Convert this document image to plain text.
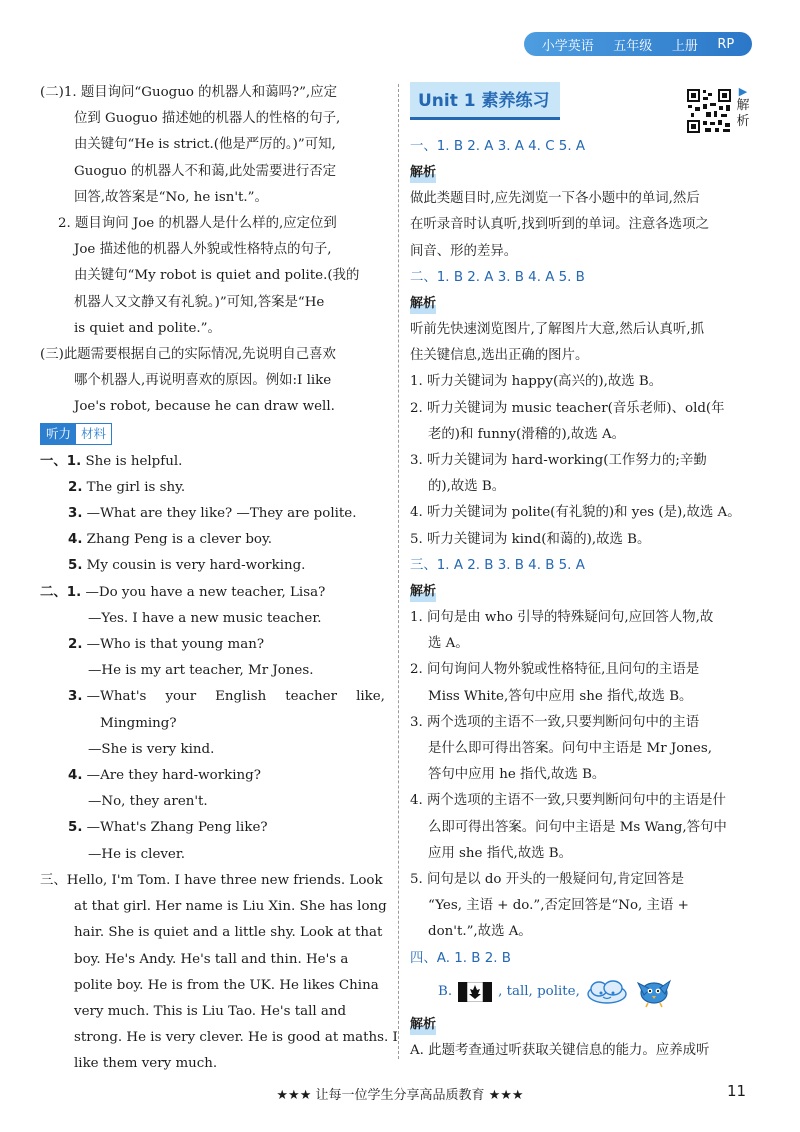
小学英语 五年级 上册 RP
(二)1. 题目询问“Guoguo 的机器人和蔼吗?”,应定
位到 Guoguo 描述她的机器人的性格的句子,
由关键句“He is strict.(他是严厉的。)”可知,
Guoguo 的机器人不和蔼,此处需要进行否定
回答,故答案是“No, he isn't.”。
2. 题目询问 Joe 的机器人是什么样的,应定位到
Joe 描述他的机器人外貌或性格特点的句子,
由关键句“My robot is quiet and polite.(我的
机器人又文静又有礼貌。)”可知,答案是“He
is quiet and polite.”。
(三)此题需要根据自己的实际情况,先说明自己喜欢
哪个机器人,再说明喜欢的原因。例如:I like
Joe's robot, because he can draw well.
听力 材料
一、1. She is helpful.
2. The girl is shy.
3. —What are they like? —They are polite.
4. Zhang Peng is a clever boy.
5. My cousin is very hard-working.
二、1. —Do you have a new teacher, Lisa?
—Yes. I have a new music teacher.
2. —Who is that young man?
—He is my art teacher, Mr Jones.
3. —What's your English teacher like,
Mingming?
—She is very kind.
4. —Are they hard-working?
—No, they aren't.
5. —What's Zhang Peng like?
—He is clever.
三、Hello, I'm Tom. I have three new friends. Look
at that girl. Her name is Liu Xin. She has long
hair. She is quiet and a little shy. Look at that
boy. He's Andy. He's tall and thin. He's a
polite boy. He is from the UK. He likes China
very much. This is Liu Tao. He's tall and
strong. He is very clever. He is good at maths. I
like them very much.
▶
解析
Unit 1 素养练习
一、1. B 2. A 3. A 4. C 5. A
解析
做此类题目时,应先浏览一下各小题中的单词,然后
在听录音时认真听,找到听到的单词。注意各选项之
间音、形的差异。
二、1. B 2. A 3. B 4. A 5. B
解析
听前先快速浏览图片,了解图片大意,然后认真听,抓
住关键信息,选出正确的图片。
1. 听力关键词为 happy(高兴的),故选 B。
2. 听力关键词为 music teacher(音乐老师)、old(年
老的)和 funny(滑稽的),故选 A。
3. 听力关键词为 hard-working(工作努力的;辛勤
的),故选 B。
4. 听力关键词为 polite(有礼貌的)和 yes (是),故选 A。
5. 听力关键词为 kind(和蔼的),故选 B。
三、1. A 2. B 3. B 4. B 5. A
解析
1. 问句是由 who 引导的特殊疑问句,应回答人物,故
选 A。
2. 问句询问人物外貌或性格特征,且问句的主语是
Miss White,答句中应用 she 指代,故选 B。
3. 两个选项的主语不一致,只要判断问句中的主语
是什么即可得出答案。问句中主语是 Mr Jones,
答句中应用 he 指代,故选 B。
4. 两个选项的主语不一致,只要判断问句中的主语是什
么即可得出答案。问句中主语是 Ms Wang,答句中
应用 she 指代,故选 B。
5. 问句是以 do 开头的一般疑问句,肯定回答是
“Yes, 主语 + do.”,否定回答是“No, 主语 +
don't.”,故选 A。
四、A. 1. B 2. B
B.	, tall, polite,
解析
A. 此题考查通过听获取关键信息的能力。应养成听
★★★ 让每一位学生分享高品质教育 ★★★	11
